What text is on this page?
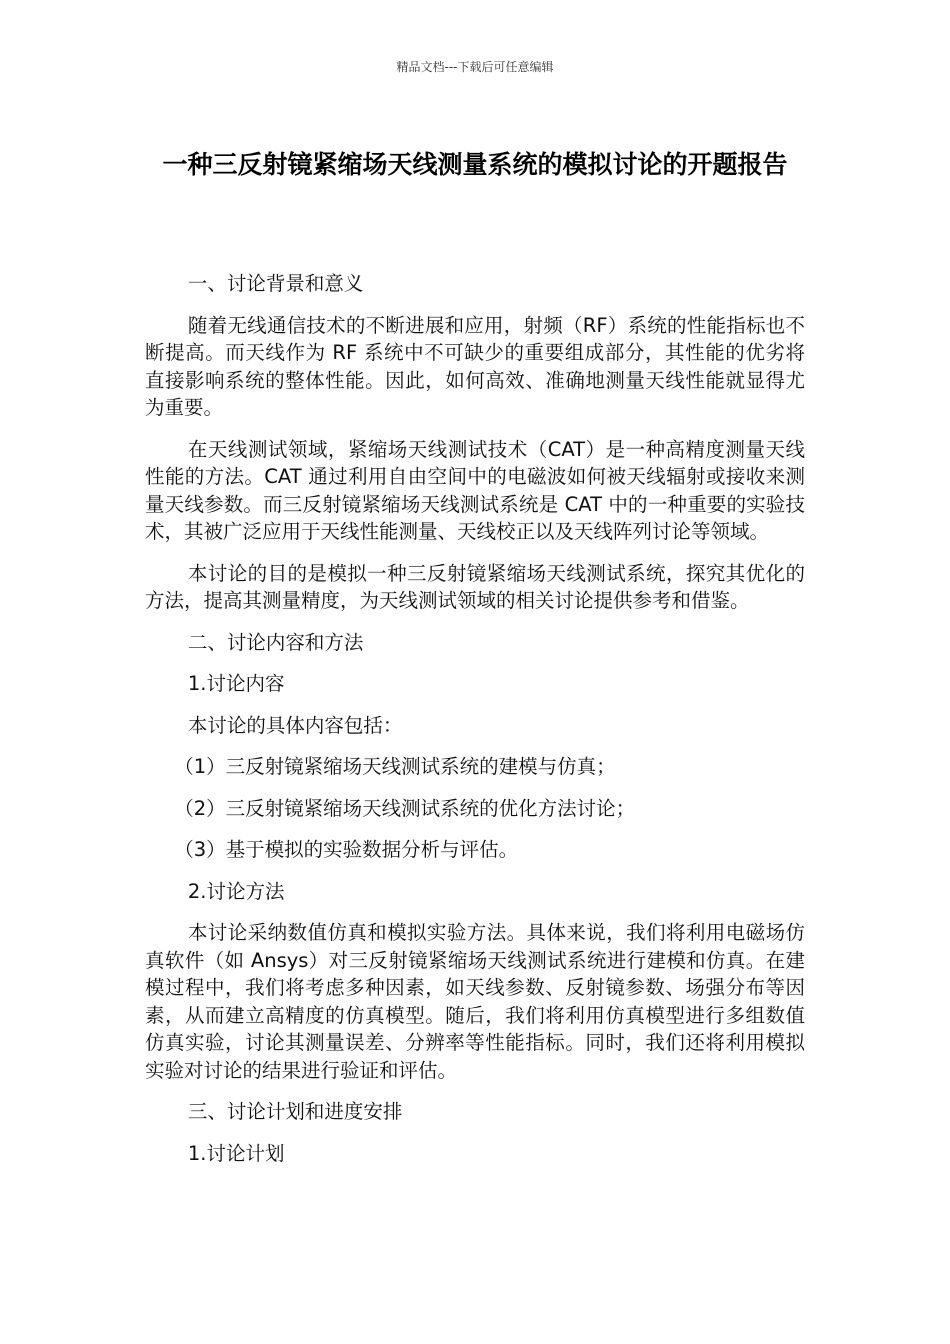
精品文档---下载后可任意编辑
一种三反射镜紧缩场天线测量系统的模拟讨论的开题报告

一、讨论背景和意义

随着无线通信技术的不断进展和应用，射频（RF）系统的性能指标也不断提高。而天线作为 RF 系统中不可缺少的重要组成部分，其性能的优劣将直接影响系统的整体性能。因此，如何高效、准确地测量天线性能就显得尤为重要。

在天线测试领域，紧缩场天线测试技术（CAT）是一种高精度测量天线性能的方法。CAT 通过利用自由空间中的电磁波如何被天线辐射或接收来测量天线参数。而三反射镜紧缩场天线测试系统是 CAT 中的一种重要的实验技术，其被广泛应用于天线性能测量、天线校正以及天线阵列讨论等领域。

本讨论的目的是模拟一种三反射镜紧缩场天线测试系统，探究其优化的方法，提高其测量精度，为天线测试领域的相关讨论提供参考和借鉴。

二、讨论内容和方法

1.讨论内容

本讨论的具体内容包括：

（1）三反射镜紧缩场天线测试系统的建模与仿真；

（2）三反射镜紧缩场天线测试系统的优化方法讨论；

（3）基于模拟的实验数据分析与评估。

2.讨论方法

本讨论采纳数值仿真和模拟实验方法。具体来说，我们将利用电磁场仿真软件（如 Ansys）对三反射镜紧缩场天线测试系统进行建模和仿真。在建模过程中，我们将考虑多种因素，如天线参数、反射镜参数、场强分布等因素，从而建立高精度的仿真模型。随后，我们将利用仿真模型进行多组数值仿真实验，讨论其测量误差、分辨率等性能指标。同时，我们还将利用模拟实验对讨论的结果进行验证和评估。

三、讨论计划和进度安排

1.讨论计划
